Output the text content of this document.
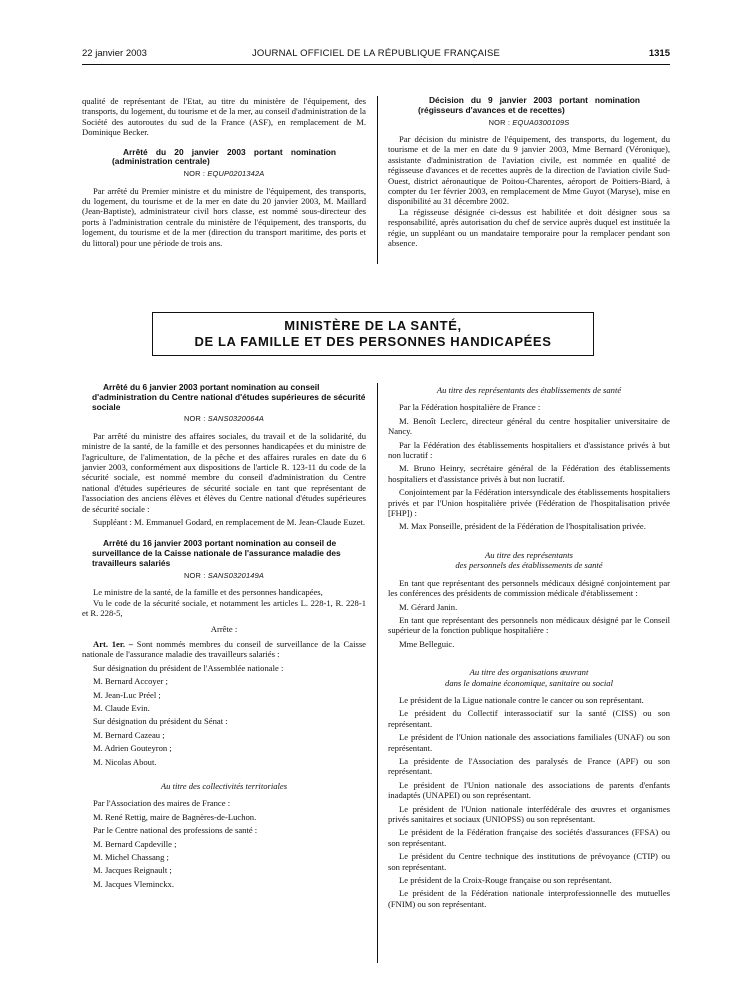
22 janvier 2003	JOURNAL OFFICIEL DE LA RÉPUBLIQUE FRANÇAISE	1315

qualité de représentant de l'Etat, au titre du ministère de l'équipement, des transports, du logement, du tourisme et de la mer, au conseil d'administration de la Société des autoroutes du sud de la France (ASF), en remplacement de M. Dominique Becker.

Arrêté du 20 janvier 2003 portant nomination (administration centrale)

NOR : EQUP0201342A

Par arrêté du Premier ministre et du ministre de l'équipement, des transports, du logement, du tourisme et de la mer en date du 20 janvier 2003, M. Maillard (Jean-Baptiste), administrateur civil hors classe, est nommé sous-directeur des ports à l'administration centrale du ministère de l'équipement, des transports, du logement, du tourisme et de la mer (direction du transport maritime, des ports et du littoral) pour une période de trois ans.

Décision du 9 janvier 2003 portant nomination (régisseurs d'avances et de recettes)

NOR : EQUA0300109S

Par décision du ministre de l'équipement, des transports, du logement, du tourisme et de la mer en date du 9 janvier 2003, Mme Bernard (Véronique), assistante d'administration de l'aviation civile, est nommée en qualité de régisseuse d'avances et de recettes auprès de la direction de l'aviation civile Sud-Ouest, district aéronautique de Poitou-Charentes, aéroport de Poitiers-Biard, à compter du 1er février 2003, en remplacement de Mme Guyot (Maryse), mise en disponibilité au 31 décembre 2002.

La régisseuse désignée ci-dessus est habilitée et doit désigner sous sa responsabilité, après autorisation du chef de service auprès duquel est instituée la régie, un suppléant ou un mandataire temporaire pour la remplacer pendant son absence.

MINISTÈRE DE LA SANTÉ,
DE LA FAMILLE ET DES PERSONNES HANDICAPÉES

Arrêté du 6 janvier 2003 portant nomination au conseil d'administration du Centre national d'études supérieures de sécurité sociale

NOR : SANS0320064A

Par arrêté du ministre des affaires sociales, du travail et de la solidarité, du ministre de la santé, de la famille et des personnes handicapées et du ministre de l'agriculture, de l'alimentation, de la pêche et des affaires rurales en date du 6 janvier 2003, conformément aux dispositions de l'article R. 123-11 du code de la sécurité sociale, est nommé membre du conseil d'administration du Centre national d'études supérieures de sécurité sociale en tant que représentant de l'association des anciens élèves et élèves du Centre national d'études supérieures de sécurité sociale :

Suppléant : M. Emmanuel Godard, en remplacement de M. Jean-Claude Euzet.

Arrêté du 16 janvier 2003 portant nomination au conseil de surveillance de la Caisse nationale de l'assurance maladie des travailleurs salariés

NOR : SANS0320149A

Le ministre de la santé, de la famille et des personnes handicapées,

Vu le code de la sécurité sociale, et notamment les articles L. 228-1, R. 228-1 et R. 228-5,

Arrête :

Art. 1er. – Sont nommés membres du conseil de surveillance de la Caisse nationale de l'assurance maladie des travailleurs salariés :

Sur désignation du président de l'Assemblée nationale :

M. Bernard Accoyer ;

M. Jean-Luc Préel ;

M. Claude Evin.

Sur désignation du président du Sénat :

M. Bernard Cazeau ;

M. Adrien Gouteyron ;

M. Nicolas About.

Au titre des collectivités territoriales

Par l'Association des maires de France :

M. René Rettig, maire de Bagnères-de-Luchon.

Par le Centre national des professions de santé :

M. Bernard Capdeville ;

M. Michel Chassang ;

M. Jacques Reignault ;

M. Jacques Vleminckx.

Au titre des représentants des établissements de santé

Par la Fédération hospitalière de France :

M. Benoît Leclerc, directeur général du centre hospitalier universitaire de Nancy.

Par la Fédération des établissements hospitaliers et d'assistance privés à but non lucratif :

M. Bruno Heinry, secrétaire général de la Fédération des établissements hospitaliers et d'assistance privés à but non lucratif.

Conjointement par la Fédération intersyndicale des établissements hospitaliers privés et par l'Union hospitalière privée (Fédération de l'hospitalisation privée [FHP]) :

M. Max Ponseille, président de la Fédération de l'hospitalisation privée.

Au titre des représentants
des personnels des établissements de santé

En tant que représentant des personnels médicaux désigné conjointement par les conférences des présidents de commission médicale d'établissement :

M. Gérard Janin.

En tant que représentant des personnels non médicaux désigné par le Conseil supérieur de la fonction publique hospitalière :

Mme Belleguic.

Au titre des organisations œuvrant
dans le domaine économique, sanitaire ou social

Le président de la Ligue nationale contre le cancer ou son représentant.

Le président du Collectif interassociatif sur la santé (CISS) ou son représentant.

Le président de l'Union nationale des associations familiales (UNAF) ou son représentant.

La présidente de l'Association des paralysés de France (APF) ou son représentant.

Le président de l'Union nationale des associations de parents d'enfants inadaptés (UNAPEI) ou son représentant.

Le président de l'Union nationale interfédérale des œuvres et organismes privés sanitaires et sociaux (UNIOPSS) ou son représentant.

Le président de la Fédération française des sociétés d'assurances (FFSA) ou son représentant.

Le président du Centre technique des institutions de prévoyance (CTIP) ou son représentant.

Le président de la Croix-Rouge française ou son représentant.

Le président de la Fédération nationale interprofessionnelle des mutuelles (FNIM) ou son représentant.
